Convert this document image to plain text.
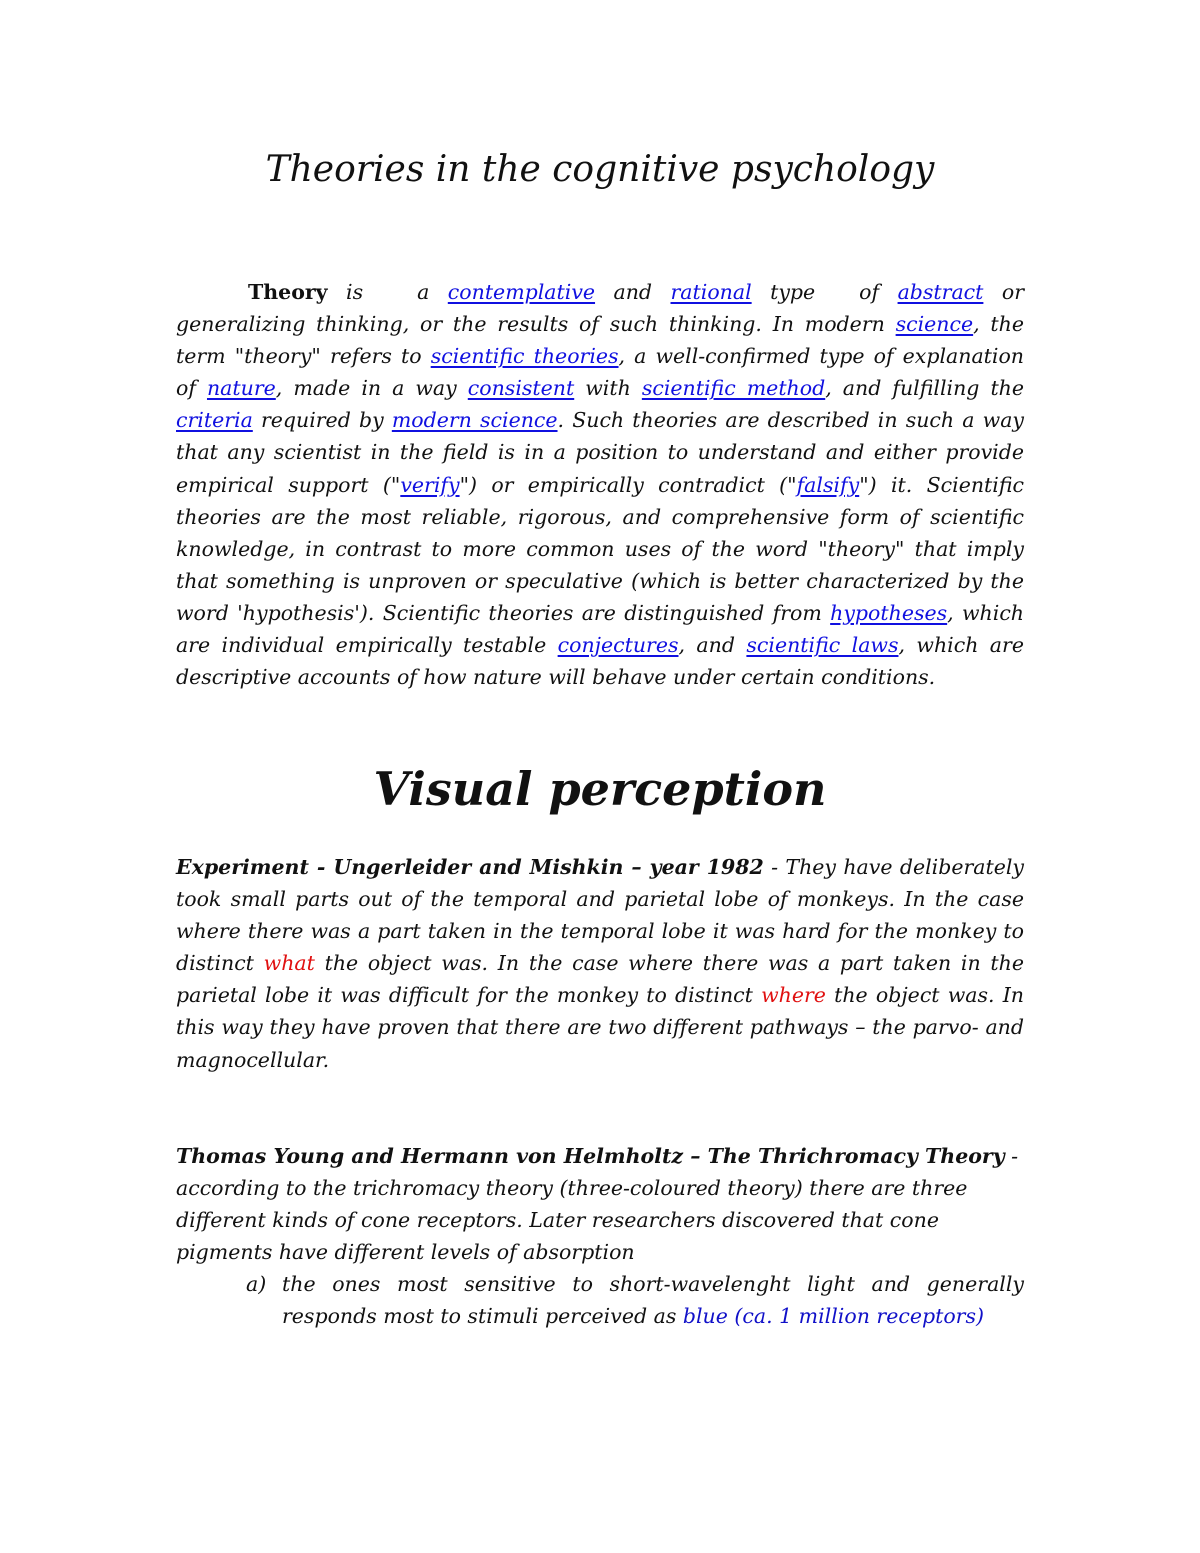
Theories in the cognitive psychology

Theory is	a contemplative and rational type of abstract or generalizing thinking, or the results of such thinking. In modern science, the term "theory" refers to scientific theories, a well-confirmed type of explanation of nature, made in a way consistent with scientific method, and fulfilling the criteria required by modern science. Such theories are described in such a way that any scientist in the field is in a position to understand and either provide empirical support ("verify") or empirically contradict ("falsify") it. Scientific theories are the most reliable, rigorous, and comprehensive form of scientific knowledge, in contrast to more common uses of the word "theory" that imply that something is unproven or speculative (which is better characterized by the word 'hypothesis'). Scientific theories are distinguished from hypotheses, which are individual empirically testable conjectures, and scientific laws, which are descriptive accounts of how nature will behave under certain conditions.

Visual perception

Experiment - Ungerleider and Mishkin – year 1982 - They have deliberately took small parts out of the temporal and parietal lobe of monkeys. In the case where there was a part taken in the temporal lobe it was hard for the monkey to distinct what the object was. In the case where there was a part taken in the parietal lobe it was difficult for the monkey to distinct where the object was. In this way they have proven that there are two different pathways – the parvo- and magnocellular.

Thomas Young and Hermann von Helmholtz – The Thrichromacy Theory - according to the trichromacy theory (three-coloured theory) there are three different kinds of cone receptors. Later researchers discovered that cone pigments have different levels of absorption

a) the ones most sensitive to short-wavelenght light and generally responds most to stimuli perceived as blue (ca. 1 million receptors)
